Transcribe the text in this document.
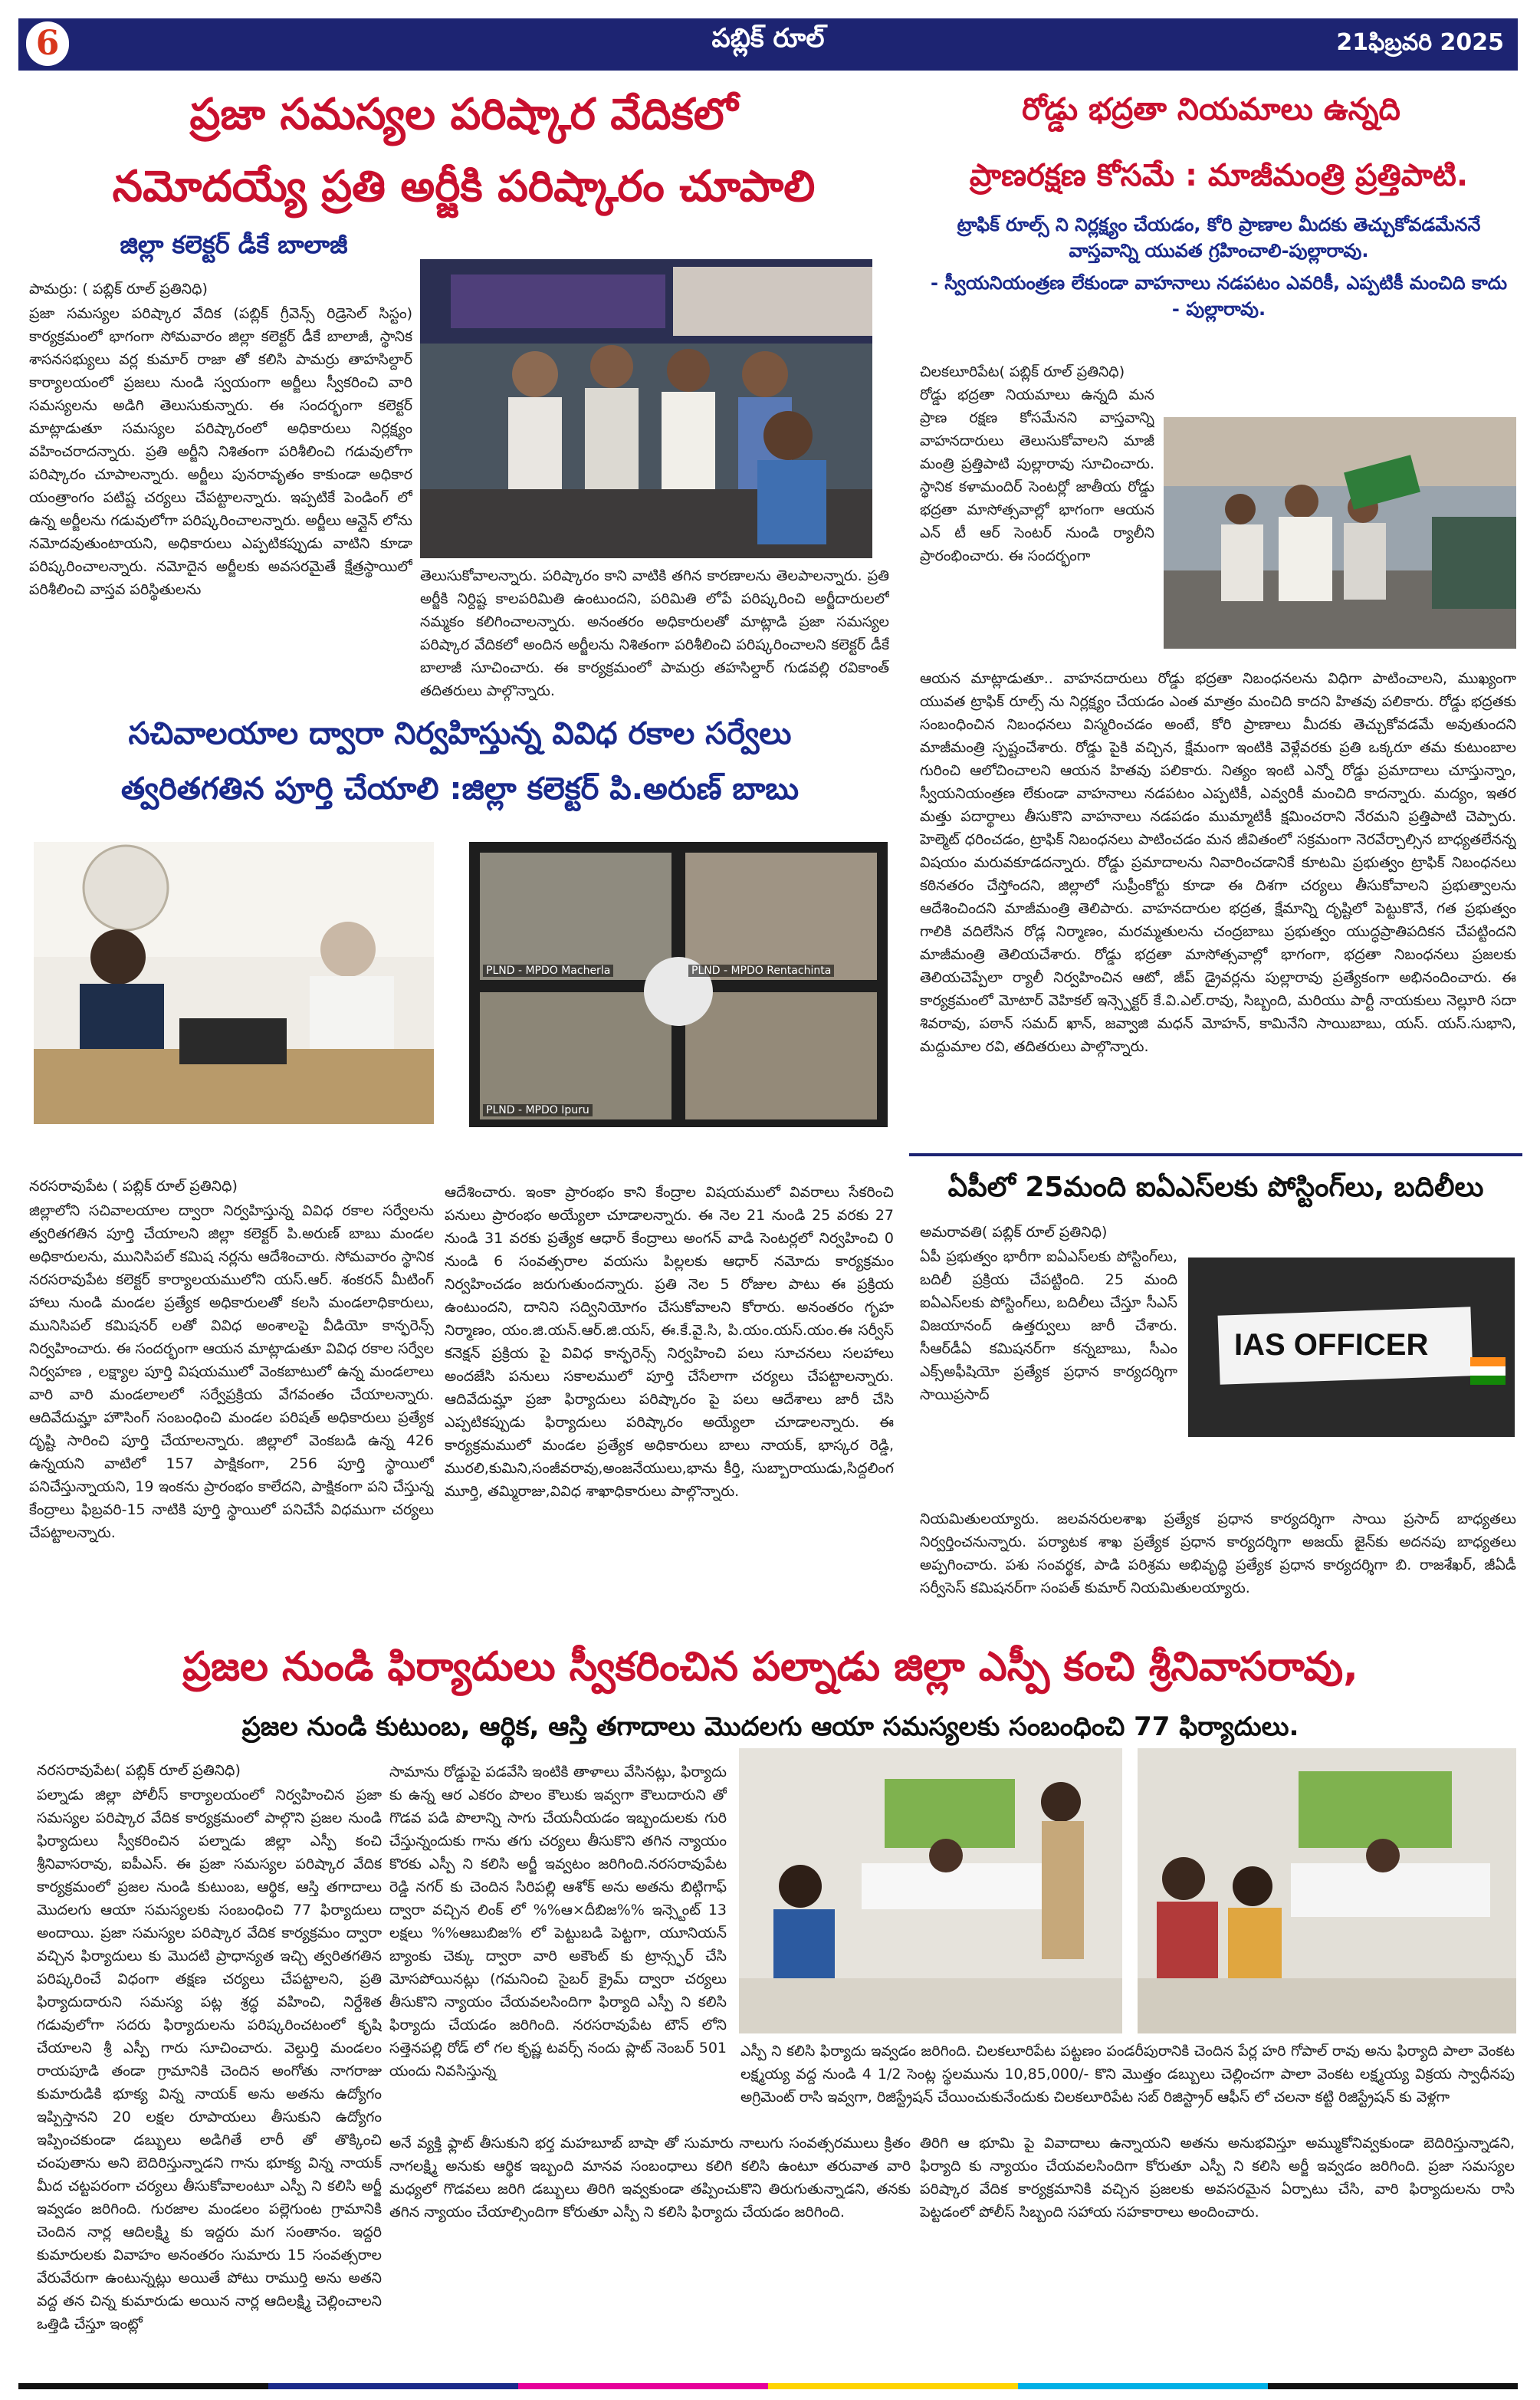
6	పబ్లిక్ రూల్	21ఫిబ్రవరి 2025
ప్రజా సమస్యల పరిష్కార వేదికలో
నమోదయ్యే ప్రతి అర్జీకి పరిష్కారం చూపాలి
జిల్లా కలెక్టర్ డీకే బాలాజీ
పామర్రు: ( పబ్లిక్ రూల్ ప్రతినిధి)
ప్రజా సమస్యల పరిష్కార వేదిక (పబ్లిక్ గ్రీవెన్స్ రిడ్రెసెల్ సిస్టం) కార్యక్రమంలో భాగంగా సోమవారం జిల్లా కలెక్టర్ డీకే బాలాజీ, స్థానిక శాసనసభ్యులు వర్ల కుమార్ రాజా తో కలిసి పామర్రు తాహసిల్దార్ కార్యాలయంలో ప్రజలు నుండి స్వయంగా అర్జీలు స్వీకరించి వారి సమస్యలను అడిగి తెలుసుకున్నారు. ఈ సందర్భంగా కలెక్టర్ మాట్లాడుతూ సమస్యల పరిష్కారంలో అధికారులు నిర్లక్ష్యం వహించరాదన్నారు. ప్రతి అర్జీని నిశితంగా పరిశీలించి గడువులోగా పరిష్కారం చూపాలన్నారు. అర్జీలు పునరావృతం కాకుండా అధికార యంత్రాంగం పటిష్ట చర్యలు చేపట్టాలన్నారు. ఇప్పటికే పెండింగ్ లో ఉన్న అర్జీలను గడువులోగా పరిష్కరించాలన్నారు. అర్జీలు ఆన్లైన్ లోను నమోదవుతుంటాయని, అధికారులు ఎప్పటికప్పుడు వాటిని కూడా పరిష్కరించాలన్నారు. నమోదైన అర్జీలకు అవసరమైతే క్షేత్రస్థాయిలో పరిశీలించి వాస్తవ పరిస్థితులను
తెలుసుకోవాలన్నారు. పరిష్కారం కాని వాటికి తగిన కారణాలను తెలపాలన్నారు. ప్రతి అర్జీకి నిర్దిష్ట కాలపరిమితి ఉంటుందని, పరిమితి లోపే పరిష్కరించి అర్జీదారులలో నమ్మకం కలిగించాలన్నారు. అనంతరం అధికారులతో మాట్లాడి ప్రజా సమస్యల పరిష్కార వేదికలో అందిన అర్జీలను నిశితంగా పరిశీలించి పరిష్కరించాలని కలెక్టర్ డీకే బాలాజీ సూచించారు. ఈ కార్యక్రమంలో పామర్రు తహసిల్దార్ గుడవల్లి రవికాంత్ తదితరులు పాల్గొన్నారు.
రోడ్డు భద్రతా నియమాలు ఉన్నది
ప్రాణరక్షణ కోసమే : మాజీమంత్రి ప్రత్తిపాటి.
ట్రాఫిక్ రూల్స్ ని నిర్లక్ష్యం చేయడం, కోరి ప్రాణాల మీదకు తెచ్చుకోవడమేననే వాస్తవాన్ని యువత గ్రహించాలి-పుల్లారావు.
- స్వీయనియంత్రణ లేకుండా వాహనాలు నడపటం ఎవరికీ, ఎప్పటికీ మంచిది కాదు - పుల్లారావు.
చిలకలూరిపేట( పబ్లిక్ రూల్ ప్రతినిధి)
రోడ్డు భద్రతా నియమాలు ఉన్నది మన ప్రాణ రక్షణ కోసమేనని వాస్తవాన్ని వాహనదారులు తెలుసుకోవాలని మాజీ మంత్రి ప్రత్తిపాటి పుల్లారావు సూచించారు. స్థానిక కళామందిర్ సెంటర్లో జాతీయ రోడ్డు భద్రతా మాసోత్సవాల్లో భాగంగా ఆయన ఎన్ టీ ఆర్ సెంటర్ నుండి ర్యాలీని ప్రారంభించారు. ఈ సందర్భంగా
ఆయన మాట్లాడుతూ.. వాహనదారులు రోడ్డు భద్రతా నిబంధనలను విధిగా పాటించాలని, ముఖ్యంగా యువత ట్రాఫిక్ రూల్స్ ను నిర్లక్ష్యం చేయడం ఎంత మాత్రం మంచిది కాదని హితవు పలికారు. రోడ్డు భద్రతకు సంబంధించిన నిబంధనలు విస్మరించడం అంటే, కోరి ప్రాణాలు మీదకు తెచ్చుకోవడమే అవుతుందని మాజీమంత్రి స్పష్టంచేశారు. రోడ్డు పైకి వచ్చిన, క్షేమంగా ఇంటికి వెళ్లేవరకు ప్రతి ఒక్కరూ తమ కుటుంబాల గురించి ఆలోచించాలని ఆయన హితవు పలికారు. నిత్యం ఇంటి ఎన్నో రోడ్డు ప్రమాదాలు చూస్తున్నాం, స్వీయనియంత్రణ లేకుండా వాహనాలు నడపటం ఎప్పటికీ, ఎవ్వరికీ మంచిది కాదన్నారు. మద్యం, ఇతర మత్తు పదార్థాలు తీసుకొని వాహనాలు నడపడం ముమ్మాటికీ క్షమించరాని నేరమని ప్రత్తిపాటి చెప్పారు. హెల్మెట్ ధరించడం, ట్రాఫిక్ నిబంధనలు పాటించడం మన జీవితంలో సక్రమంగా నెరవేర్చాల్సిన బాధ్యతలేనన్న విషయం మరువకూడదన్నారు. రోడ్డు ప్రమాదాలను నివారించడానికే కూటమి ప్రభుత్వం ట్రాఫిక్ నిబంధనలు కఠినతరం చేస్తోందని, జిల్లాలో సుప్రీంకోర్టు కూడా ఈ దిశగా చర్యలు తీసుకోవాలని ప్రభుత్వాలను ఆదేశించిందని మాజీమంత్రి తెలిపారు. వాహనదారుల భద్రత, క్షేమాన్ని దృష్టిలో పెట్టుకొనే, గత ప్రభుత్వం గాలికి వదిలేసిన రోడ్ల నిర్మాణం, మరమ్మతులను చంద్రబాబు ప్రభుత్వం యుద్ధప్రాతిపదికన చేపట్టిందని మాజీమంత్రి తెలియచేశారు. రోడ్డు భద్రతా మాసోత్సవాల్లో భాగంగా, భద్రతా నిబంధనలు ప్రజలకు తెలియచెప్పేలా ర్యాలీ నిర్వహించిన ఆటో, జీప్ డ్రైవర్లను పుల్లారావు ప్రత్యేకంగా అభినందించారు. ఈ కార్యక్రమంలో మోటార్ వెహికల్ ఇన్స్పెక్టర్ కే.వి.ఎల్.రావు, సిబ్బంది, మరియు పార్టీ నాయకులు నెల్లూరి సదా శివరావు, పఠాన్ సమద్ ఖాన్, జవ్వాజి మధన్ మోహన్, కామినేని సాయిబాబు, యస్. యస్.సుభాని, మద్దుమాల రవి, తదితరులు పాల్గొన్నారు.
సచివాలయాల ద్వారా నిర్వహిస్తున్న వివిధ రకాల సర్వేలు
త్వరితగతిన పూర్తి చేయాలి :జిల్లా కలెక్టర్ పి.అరుణ్ బాబు
PLND - MPDO Macherla	PLND - MPDO Rentachinta
PLND - MPDO Ipuru
నరసరావుపేట ( పబ్లిక్ రూల్ ప్రతినిధి)
జిల్లాలోని సచివాలయాల ద్వారా నిర్వహిస్తున్న వివిధ రకాల సర్వేలను త్వరితగతిన పూర్తి చేయాలని జిల్లా కలెక్టర్ పి.అరుణ్ బాబు మండల అధికారులను, మునిసిపల్ కమిష నర్లను ఆదేశించారు. సోమవారం స్థానిక నరసరావుపేట కలెక్టర్ కార్యాలయములోని యస్.ఆర్. శంకరన్ మీటింగ్ హాలు నుండి మండల ప్రత్యేక అధికారులతో కలసి మండలాధికారులు, మునిసిపల్ కమిషనర్ లతో వివిధ అంశాలపై వీడియో కాన్ఫరెన్స్ నిర్వహించారు. ఈ సందర్భంగా ఆయన మాట్లాడుతూ వివిధ రకాల సర్వేల నిర్వహణ , లక్ష్యాల పూర్తి విషయములో వెంకబాటులో ఉన్న మండలాలు వారి వారి మండలాలలో సర్వేప్రక్రియ వేగవంతం చేయాలన్నారు. ఆదివేదుమ్హా హౌసింగ్ సంబంధించి మండల పరిషత్ అధికారులు ప్రత్యేక దృష్టి సారించి పూర్తి చేయాలన్నారు. జిల్లాలో వెంకబడి ఉన్న 426 ఉన్నయని వాటిలో 157 పాక్షికంగా, 256 పూర్తి స్థాయిలో పనిచేస్తున్నాయని, 19 ఇంకను ప్రారంభం కాలేదని, పాక్షికంగా పని చేస్తున్న కేంద్రాలు ఫిబ్రవరి-15 నాటికి పూర్తి స్థాయిలో పనిచేసే విధముగా చర్యలు చేపట్టాలన్నారు.
ఆదేశించారు. ఇంకా ప్రారంభం కాని కేంద్రాల విషయములో వివరాలు సేకరించి పనులు ప్రారంభం అయ్యేలా చూడాలన్నారు. ఈ నెల 21 నుండి 25 వరకు 27 నుండి 31 వరకు ప్రత్యేక ఆధార్ కేంద్రాలు అంగన్ వాడి సెంటర్లలో నిర్వహించి 0 నుండి 6 సంవత్సరాల వయసు పిల్లలకు ఆధార్ నమోదు కార్యక్రమం నిర్వహించడం జరుగుతుందన్నారు. ప్రతి నెల 5 రోజుల పాటు ఈ ప్రక్రియ ఉంటుందని, దానిని సద్వినియోగం చేసుకోవాలని కోరారు. అనంతరం గృహ నిర్మాణం, యం.జి.యన్.ఆర్.జి.యస్, ఈ.కే.వై.సి, పి.యం.యస్.యం.ఈ సర్వీస్ కనెక్షన్ ప్రక్రియ పై వివిధ కాన్ఫరెన్స్ నిర్వహించి పలు సూచనలు సలహాలు అందజేసి పనులు సకాలములో పూర్తి చేసేలాగా చర్యలు చేపట్టాలన్నారు. ఆదివేదుమ్హా ప్రజా ఫిర్యాదులు పరిష్కారం పై పలు ఆదేశాలు జారీ చేసి ఎప్పటికప్పుడు ఫిర్యాదులు పరిష్కారం అయ్యేలా చూడాలన్నారు. ఈ కార్యక్రమములో మండల ప్రత్యేక అధికారులు బాలు నాయక్, భాస్కర రెడ్డి, మురలి,కుమిని,సంజీవరావు,అంజనేయులు,భాను కీర్తి, సుబ్బారాయుడు,సిద్దలింగ మూర్తి, తమ్మిరాజు,వివిధ శాఖాధికారులు పాల్గొన్నారు.
ఏపీలో 25మంది ఐఏఎస్‌లకు పోస్టింగ్‌లు, బదిలీలు
అమరావతి( పబ్లిక్ రూల్ ప్రతినిధి)
ఏపీ ప్రభుత్వం భారీగా ఐఏఎస్‌లకు పోస్టింగ్‌లు, బదిలీ ప్రక్రియ చేపట్టింది. 25 మంది ఐఏఎస్‌లకు పోస్టింగ్‌లు, బదిలీలు చేస్తూ సీఎస్ విజయానంద్ ఉత్తర్వులు జారీ చేశారు. సీఆర్‌డీఏ కమిషనర్‌గా కన్నబాబు, సీఎం ఎక్స్‌అఫీషియో ప్రత్యేక ప్రధాన కార్యదర్శిగా సాయిప్రసాద్
IAS OFFICER
నియమితులయ్యారు. జలవనరులశాఖ ప్రత్యేక ప్రధాన కార్యదర్శిగా సాయి ప్రసాద్ బాధ్యతలు నిర్వర్తించనున్నారు. పర్యాటక శాఖ ప్రత్యేక ప్రధాన కార్యదర్శిగా అజయ్ జైన్‌కు అదనపు బాధ్యతలు అప్పగించారు. పశు సంవర్థక, పాడి పరిశ్రమ అభివృద్ధి ప్రత్యేక ప్రధాన కార్యదర్శిగా బి. రాజశేఖర్, జీఏడీ సర్వీసెస్‌ కమిషనర్‌గా సంపత్ కుమార్ నియమితులయ్యారు.
ప్రజల నుండి ఫిర్యాదులు స్వీకరించిన పల్నాడు జిల్లా ఎస్పీ కంచి శ్రీనివాసరావు,
ప్రజల నుండి కుటుంబ, ఆర్థిక, ఆస్తి తగాదాలు మొదలగు ఆయా సమస్యలకు సంబంధించి 77 ఫిర్యాదులు.
నరసరావుపేట( పబ్లిక్ రూల్ ప్రతినిధి)
పల్నాడు జిల్లా పోలీస్ కార్యాలయంలో నిర్వహించిన ప్రజా సమస్యల పరిష్కార వేదిక కార్యక్రమంలో పాల్గొని ప్రజల నుండి ఫిర్యాదులు స్వీకరించిన పల్నాడు జిల్లా ఎస్పీ కంచి శ్రీనివాసరావు, ఐపీఎస్. ఈ ప్రజా సమస్యల పరిష్కార వేదిక కార్యక్రమంలో ప్రజల నుండి కుటుంబ, ఆర్థిక, ఆస్తి తగాదాలు మొదలగు ఆయా సమస్యలకు సంబంధించి 77 ఫిర్యాదులు అందాయి. ప్రజా సమస్యల పరిష్కార వేదిక కార్యక్రమం ద్వారా వచ్చిన ఫిర్యాదులు కు మొదటి ప్రాధాన్యత ఇచ్చి త్వరితగతిన పరిష్కరించే విధంగా తక్షణ చర్యలు చేపట్టాలని, ప్రతి ఫిర్యాదుదారుని సమస్య పట్ల శ్రద్ధ వహించి, నిర్దేశిత గడువులోగా సదరు ఫిర్యాదులను పరిష్కరించటంలో కృషి చేయాలని శ్రీ ఎస్పీ గారు సూచించారు. వెల్దుర్తి మండలం రాయపూడి తండా గ్రామానికి చెందిన అంగోతు నాగరాజు కుమారుడికి భూక్య విన్న నాయక్ అను అతను ఉద్యోగం ఇప్పిస్తానని 20 లక్షల రూపాయలు తీసుకుని ఉద్యోగం ఇప్పించకుండా డబ్బులు అడిగితే లారీ తో తొక్కించి చంపుతాను అని బెదిరిస్తున్నాడని గాను భూక్య విన్న నాయక్ మీద చట్టపరంగా చర్యలు తీసుకోవాలంటూ ఎస్పీ ని కలిసి అర్జీ ఇవ్వడం జరిగింది. గురజాల మండలం పల్లెగుంట గ్రామానికి చెందిన నార్ల ఆదిలక్ష్మి కు ఇద్దరు మగ సంతానం. ఇద్దరి కుమారులకు వివాహం అనంతరం సుమారు 15 సంవత్సరాల వేరువేరుగా ఉంటున్నట్లు అయితే పోటు రాముర్తి అను అతని వద్ద తన చిన్న కుమారుడు అయిన నార్ల ఆదిలక్ష్మి చెల్లించాలని ఒత్తిడి చేస్తూ ఇంట్లో
సామాను రోడ్డుపై పడవేసి ఇంటికి తాళాలు వేసినట్లు, ఫిర్యాదు కు ఉన్న ఆర ఎకరం పొలం కౌలుకు ఇవ్వగా కౌలుదారుని తో గొడవ పడి పొలాన్ని సాగు చేయనీయడం ఇబ్బందులకు గురి చేస్తున్నందుకు గాను తగు చర్యలు తీసుకొని తగిన న్యాయం కొరకు ఎస్పీ ని కలిసి అర్జీ ఇవ్వటం జరిగింది.నరసరావుపేట రెడ్డి నగర్ కు చెందిన సిరిపల్లి ఆశోక్ అను అతను బిట్గిగాఫ్ ద్వారా వచ్చిన లింక్ లో %%ఆ×దీబిజ%% ఇన్స్టెంట్ 13 లక్షలు %%ఆబుబిజ% లో పెట్టుబడి పెట్టగా, యూనియన్ బ్యాంకు చెక్కు ద్వారా వారి అకౌంట్ కు ట్రాన్స్ఫర్ చేసి మోసపోయినట్లు (గమనించి సైబర్ క్రైమ్ ద్వారా చర్యలు తీసుకొని న్యాయం చేయవలసిందిగా ఫిర్యాది ఎస్పీ ని కలిసి ఫిర్యాదు చేయడం జరిగింది. నరసరావుపేట టౌన్ లోని సత్తెనపల్లి రోడ్ లో గల కృష్ణ టవర్స్ నందు ప్లాట్ నెంబర్ 501 యందు నివసిస్తున్న
ఎస్పీ ని కలిసి ఫిర్యాదు ఇవ్వడం జరిగింది. చిలకలూరిపేట పట్టణం పండరీపురానికి చెందిన పేర్ల హరి గోపాల్ రావు అను ఫిర్యాది పాలా వెంకట లక్ష్మయ్య వద్ద నుండి 4 1/2 సెంట్ల స్థలమును 10,85,000/- కొని మొత్తం డబ్బులు చెల్లించగా పాలా వెంకట లక్ష్మయ్య విక్రయ స్వాధీనపు అగ్రిమెంట్ రాసి ఇవ్వగా, రిజిస్ట్రేషన్ చేయించుకునేందుకు చిలకలూరిపేట సబ్ రిజిస్ట్రార్ ఆఫీస్ లో చలనా కట్టి రిజిస్ట్రేషన్ కు వెళ్లగా
అనే వ్యక్తి ఫ్లాట్ తీసుకుని భర్త మహబూబ్ బాషా తో సుమారు నాలుగు సంవత్సరములు క్రితం నాగలక్ష్మి అనుకు ఆర్థిక ఇబ్బంది మానవ సంబంధాలు కలిగి కలిసి ఉంటూ తరువాత వారి మధ్యలో గొడవలు జరిగి డబ్బులు తిరిగి ఇవ్వకుండా తప్పించుకొని తిరుగుతున్నాడని, తనకు తగిన న్యాయం చేయాల్సిందిగా కోరుతూ ఎస్పీ ని కలిసి ఫిర్యాదు చేయడం జరిగింది.
తిరిగి ఆ భూమి పై వివాదాలు ఉన్నాయని అతను అనుభవిస్తూ అమ్ముకోనివ్వకుండా బెదిరిస్తున్నాడని, ఫిర్యాది కు న్యాయం చేయవలసిందిగా కోరుతూ ఎస్పీ ని కలిసి అర్జీ ఇవ్వడం జరిగింది. ప్రజా సమస్యల పరిష్కార వేదిక కార్యక్రమానికి వచ్చిన ప్రజలకు అవసరమైన ఏర్పాటు చేసి, వారి ఫిర్యాదులను రాసి పెట్టడంలో పోలీస్ సిబ్బంది సహాయ సహకారాలు అందించారు.
